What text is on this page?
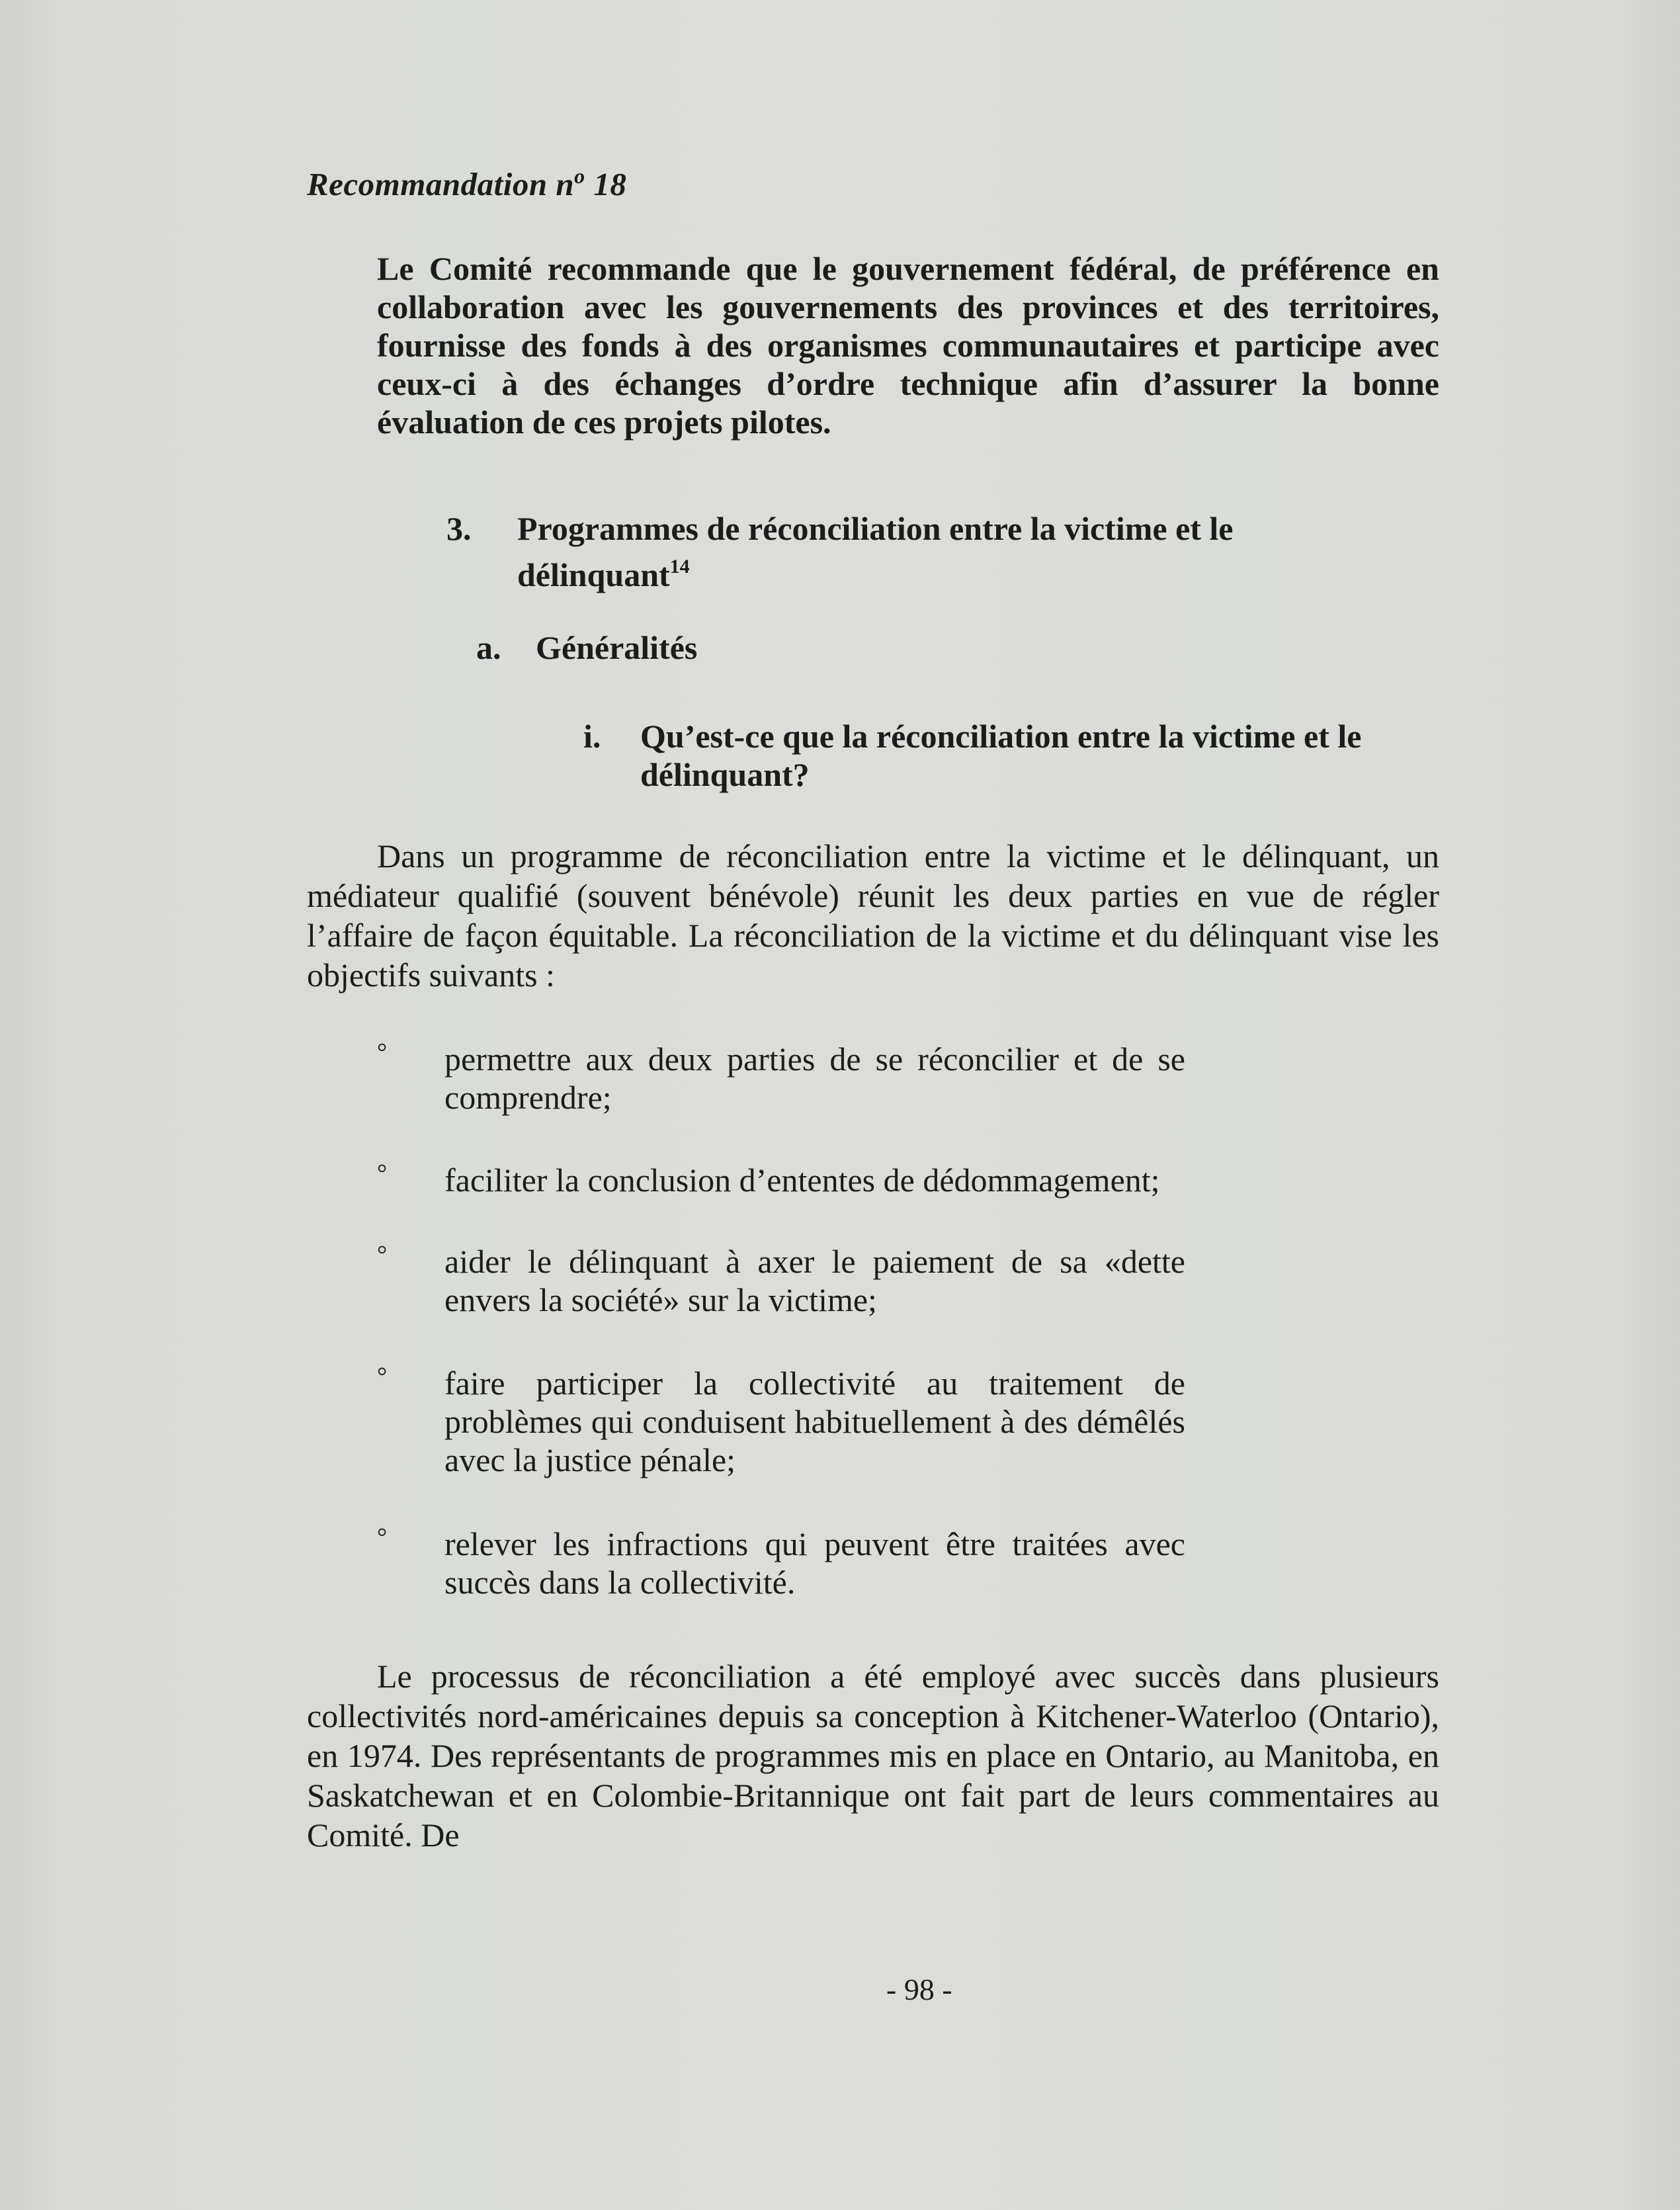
Recommandation $n^o$ 18
Le Comité recommande que le gouvernement fédéral, de préférence en collaboration avec les gouvernements des provinces et des territoires, fournisse des fonds à des organismes communautaires et participe avec ceux-ci à des échanges d’ordre technique afin d’assurer la bonne évaluation de ces projets pilotes.
3. Programmes de réconciliation entre la victime et le délinquant$^{14}$
a. Généralités
i. Qu’est-ce que la réconciliation entre la victime et le délinquant?
Dans un programme de réconciliation entre la victime et le délinquant, un médiateur qualifié (souvent bénévole) réunit les deux parties en vue de régler l’affaire de façon équitable. La réconciliation de la victime et du délinquant vise les objectifs suivants :
° permettre aux deux parties de se réconcilier et de se comprendre;
° faciliter la conclusion d’ententes de dédommagement;
° aider le délinquant à axer le paiement de sa «dette envers la société» sur la victime;
° faire participer la collectivité au traitement de problèmes qui conduisent habituellement à des démêlés avec la justice pénale;
° relever les infractions qui peuvent être traitées avec succès dans la collectivité.
Le processus de réconciliation a été employé avec succès dans plusieurs collectivités nord-américaines depuis sa conception à Kitchener-Waterloo (Ontario), en 1974. Des représentants de programmes mis en place en Ontario, au Manitoba, en Saskatchewan et en Colombie-Britannique ont fait part de leurs commentaires au Comité. De
- 98 -
